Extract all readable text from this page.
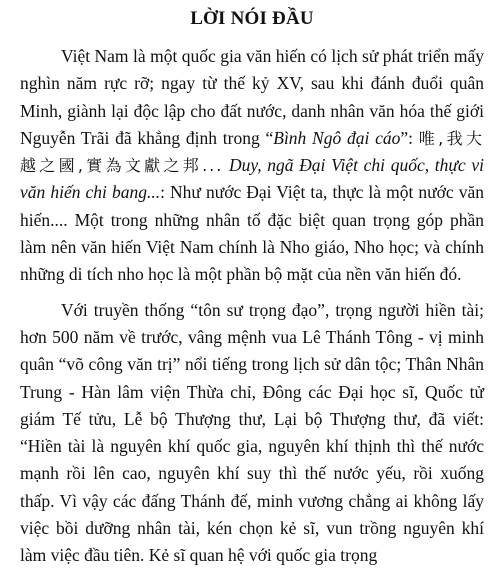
LỜI NÓI ĐẦU

Việt Nam là một quốc gia văn hiến có lịch sử phát triển mấy nghìn năm rực rỡ; ngay từ thế kỷ XV, sau khi đánh đuổi quân Minh, giành lại độc lập cho đất nước, danh nhân văn hóa thế giới Nguyễn Trãi đã khẳng định trong “Bình Ngô đại cáo”: 唯,我大越之國,實為文獻之邦... Duy, ngã Đại Việt chi quốc, thực vi văn hiến chi bang...: Như nước Đại Việt ta, thực là một nước văn hiến.... Một trong những nhân tố đặc biệt quan trọng góp phần làm nên văn hiến Việt Nam chính là Nho giáo, Nho học; và chính những di tích nho học là một phần bộ mặt của nền văn hiến đó.

Với truyền thống “tôn sư trọng đạo”, trọng người hiền tài; hơn 500 năm về trước, vâng mệnh vua Lê Thánh Tông - vị minh quân “võ công văn trị” nổi tiếng trong lịch sử dân tộc; Thân Nhân Trung - Hàn lâm viện Thừa chỉ, Đông các Đại học sĩ, Quốc tử giám Tế tửu, Lễ bộ Thượng thư, Lại bộ Thượng thư, đã viết: “Hiền tài là nguyên khí quốc gia, nguyên khí thịnh thì thế nước mạnh rồi lên cao, nguyên khí suy thì thế nước yếu, rồi xuống thấp. Vì vậy các đấng Thánh đế, minh vương chẳng ai không lấy việc bồi dưỡng nhân tài, kén chọn kẻ sĩ, vun trồng nguyên khí làm việc đầu tiên. Kẻ sĩ quan hệ với quốc gia trọng
